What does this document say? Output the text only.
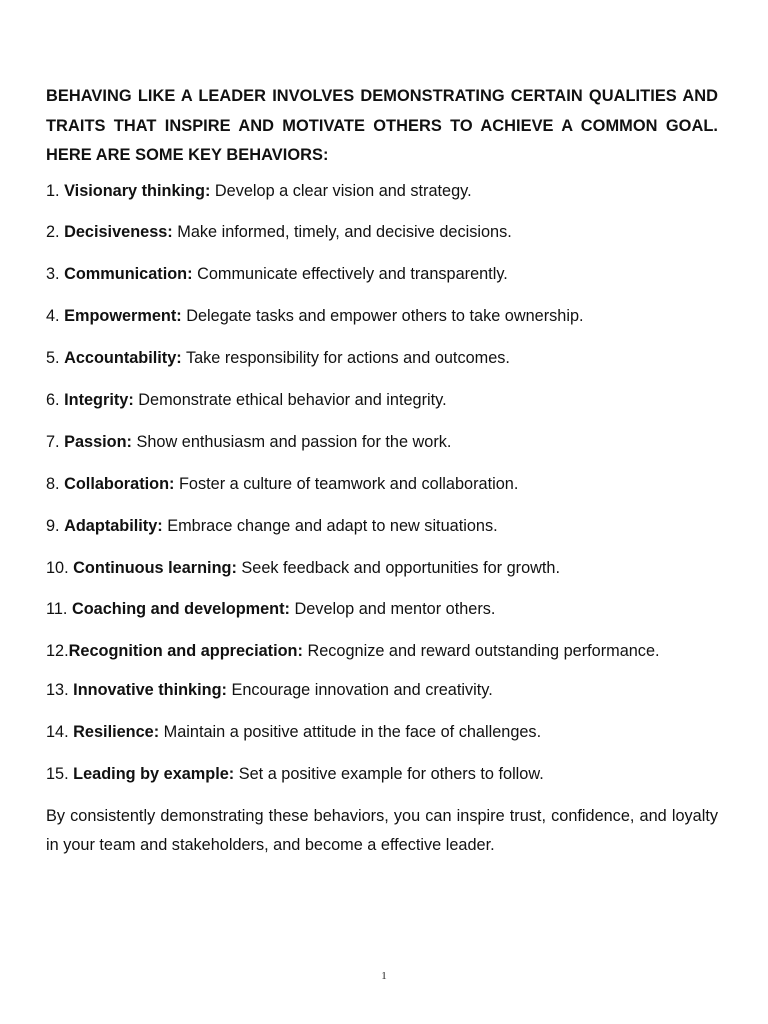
BEHAVING LIKE A LEADER INVOLVES DEMONSTRATING CERTAIN QUALITIES AND TRAITS THAT INSPIRE AND MOTIVATE OTHERS TO ACHIEVE A COMMON GOAL. HERE ARE SOME KEY BEHAVIORS:

1. Visionary thinking: Develop a clear vision and strategy.

2. Decisiveness: Make informed, timely, and decisive decisions.

3. Communication: Communicate effectively and transparently.

4. Empowerment: Delegate tasks and empower others to take ownership.

5. Accountability: Take responsibility for actions and outcomes.

6. Integrity: Demonstrate ethical behavior and integrity.

7. Passion: Show enthusiasm and passion for the work.

8. Collaboration: Foster a culture of teamwork and collaboration.

9. Adaptability: Embrace change and adapt to new situations.

10. Continuous learning: Seek feedback and opportunities for growth.

11. Coaching and development: Develop and mentor others.

12.Recognition and appreciation: Recognize and reward outstanding performance.

13. Innovative thinking: Encourage innovation and creativity.

14. Resilience: Maintain a positive attitude in the face of challenges.

15. Leading by example: Set a positive example for others to follow.

By consistently demonstrating these behaviors, you can inspire trust, confidence, and loyalty in your team and stakeholders, and become a effective leader.

1
